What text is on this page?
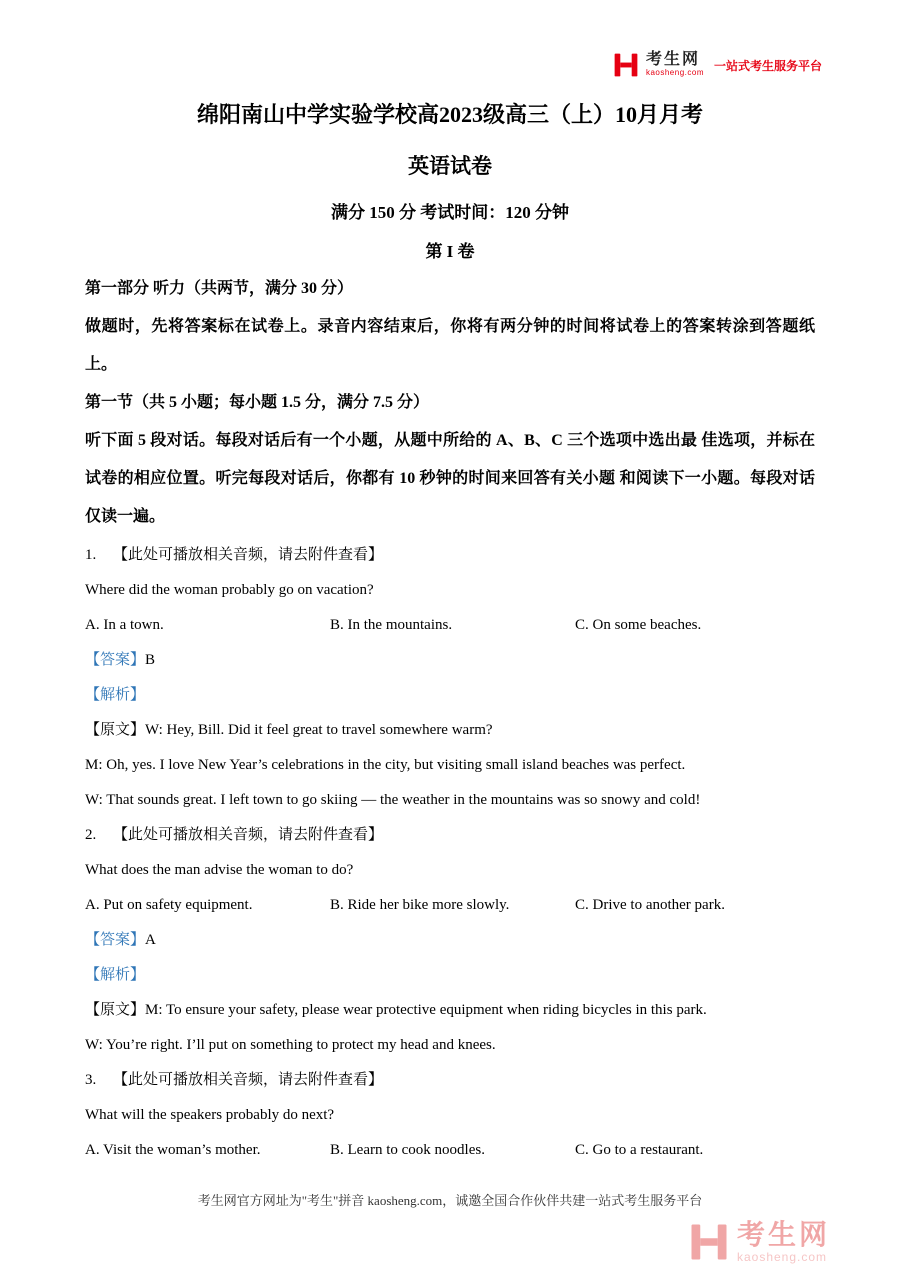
考生网
kaosheng.com
一站式考生服务平台
绵阳南山中学实验学校高2023级高三（上）10月月考
英语试卷
满分 150 分 考试时间：120 分钟
第 I 卷

第一部分 听力（共两节，满分 30 分）

做题时，先将答案标在试卷上。录音内容结束后，你将有两分钟的时间将试卷上的答案转涂到答题纸上。

第一节（共 5 小题；每小题 1.5 分，满分 7.5 分）

听下面 5 段对话。每段对话后有一个小题，从题中所给的 A、B、C 三个选项中选出最 佳选项，并标在试卷的相应位置。听完每段对话后，你都有 10 秒钟的时间来回答有关小题 和阅读下一小题。每段对话仅读一遍。

1. 【此处可播放相关音频，请去附件查看】

Where did the woman probably go on vacation?

A. In a town.	B. In the mountains.	C. On some beaches.

【答案】B

【解析】

【原文】W: Hey, Bill. Did it feel great to travel somewhere warm?

M: Oh, yes. I love New Year’s celebrations in the city, but visiting small island beaches was perfect.

W: That sounds great. I left town to go skiing — the weather in the mountains was so snowy and cold!

2. 【此处可播放相关音频，请去附件查看】

What does the man advise the woman to do?

A. Put on safety equipment.	B. Ride her bike more slowly.	C. Drive to another park.

【答案】A

【解析】

【原文】M: To ensure your safety, please wear protective equipment when riding bicycles in this park.

W: You’re right. I’ll put on something to protect my head and knees.

3. 【此处可播放相关音频，请去附件查看】

What will the speakers probably do next?

A. Visit the woman’s mother.	B. Learn to cook noodles.	C. Go to a restaurant.
考生网官方网址为"考生"拼音 kaosheng.com，诚邀全国合作伙伴共建一站式考生服务平台
考生网
kaosheng.com
